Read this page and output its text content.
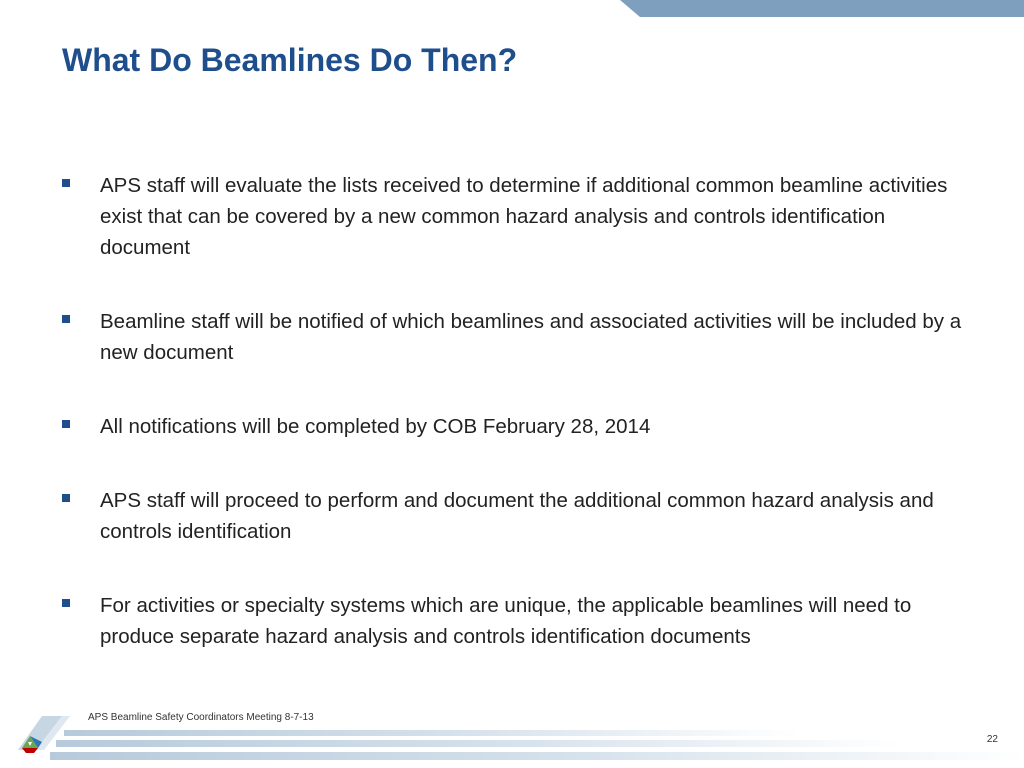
What Do Beamlines Do Then?
APS staff will evaluate the lists received to determine if additional common beamline activities exist that can be covered by a new common hazard analysis and controls identification document
Beamline staff will be notified of which beamlines and associated activities will be included by a new document
All notifications will be completed by COB February 28, 2014
APS staff will proceed to perform and document the additional common hazard analysis and controls identification
For activities or specialty systems which are unique, the applicable beamlines will need to produce separate hazard analysis and controls identification documents
APS Beamline Safety Coordinators Meeting 8-7-13
22
